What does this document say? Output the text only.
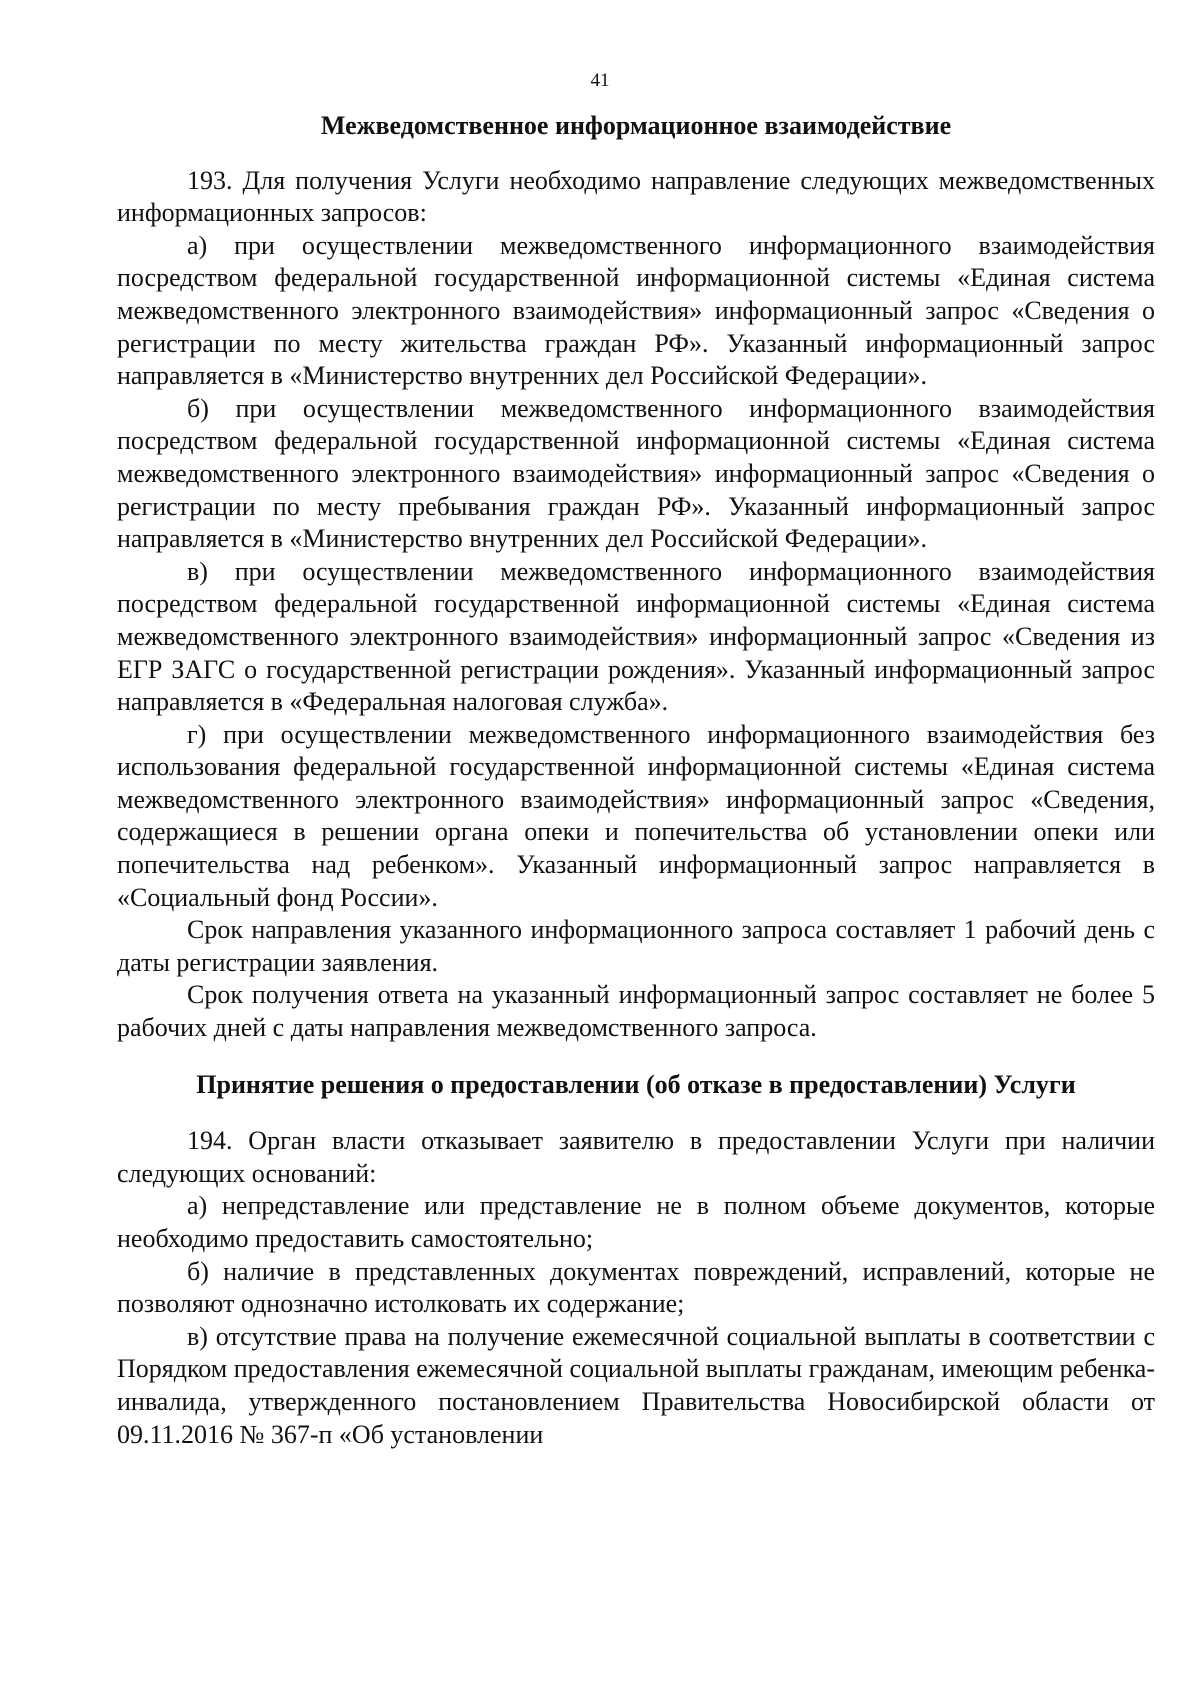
41
Межведомственное информационное взаимодействие

193. Для получения Услуги необходимо направление следующих межведомственных информационных запросов:

а) при осуществлении межведомственного информационного взаимодействия посредством федеральной государственной информационной системы «Единая система межведомственного электронного взаимодействия» информационный запрос «Сведения о регистрации по месту жительства граждан РФ». Указанный информационный запрос направляется в «Министерство внутренних дел Российской Федерации».

б) при осуществлении межведомственного информационного взаимодействия посредством федеральной государственной информационной системы «Единая система межведомственного электронного взаимодействия» информационный запрос «Сведения о регистрации по месту пребывания граждан РФ». Указанный информационный запрос направляется в «Министерство внутренних дел Российской Федерации».

в) при осуществлении межведомственного информационного взаимодействия посредством федеральной государственной информационной системы «Единая система межведомственного электронного взаимодействия» информационный запрос «Сведения из ЕГР ЗАГС о государственной регистрации рождения». Указанный информационный запрос направляется в «Федеральная налоговая служба».

г) при осуществлении межведомственного информационного взаимодействия без использования федеральной государственной информационной системы «Единая система межведомственного электронного взаимодействия» информационный запрос «Сведения, содержащиеся в решении органа опеки и попечительства об установлении опеки или попечительства над ребенком». Указанный информационный запрос направляется в «Социальный фонд России».

Срок направления указанного информационного запроса составляет 1 рабочий день с даты регистрации заявления.

Срок получения ответа на указанный информационный запрос составляет не более 5 рабочих дней с даты направления межведомственного запроса.

Принятие решения о предоставлении (об отказе в предоставлении) Услуги

194. Орган власти отказывает заявителю в предоставлении Услуги при наличии следующих оснований:

а) непредставление или представление не в полном объеме документов, которые необходимо предоставить самостоятельно;

б) наличие в представленных документах повреждений, исправлений, которые не позволяют однозначно истолковать их содержание;

в) отсутствие права на получение ежемесячной социальной выплаты в соответствии с Порядком предоставления ежемесячной социальной выплаты гражданам, имеющим ребенка-инвалида, утвержденного постановлением Правительства Новосибирской области от 09.11.2016 № 367-п «Об установлении
